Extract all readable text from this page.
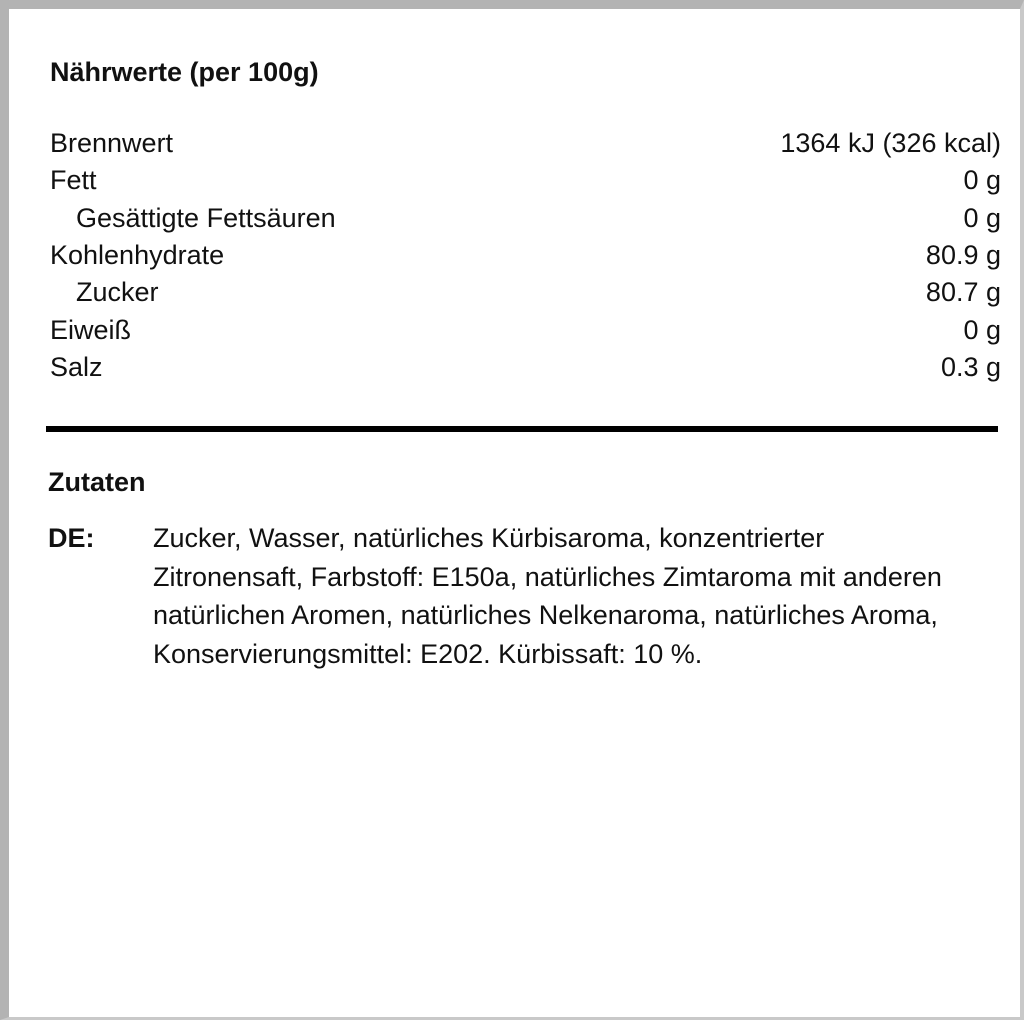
Nährwerte (per 100g)
Brennwert	1364 kJ (326 kcal)
Fett	0 g
Gesättigte Fettsäuren	0 g
Kohlenhydrate	80.9 g
Zucker	80.7 g
Eiweiß	0 g
Salz	0.3 g
Zutaten
DE:	Zucker, Wasser, natürliches Kürbisaroma, konzentrierter Zitronensaft, Farbstoff: E150a, natürliches Zimtaroma mit anderen natürlichen Aromen, natürliches Nelkenaroma, natürliches Aroma, Konservierungsmittel: E202. Kürbissaft: 10 %.
